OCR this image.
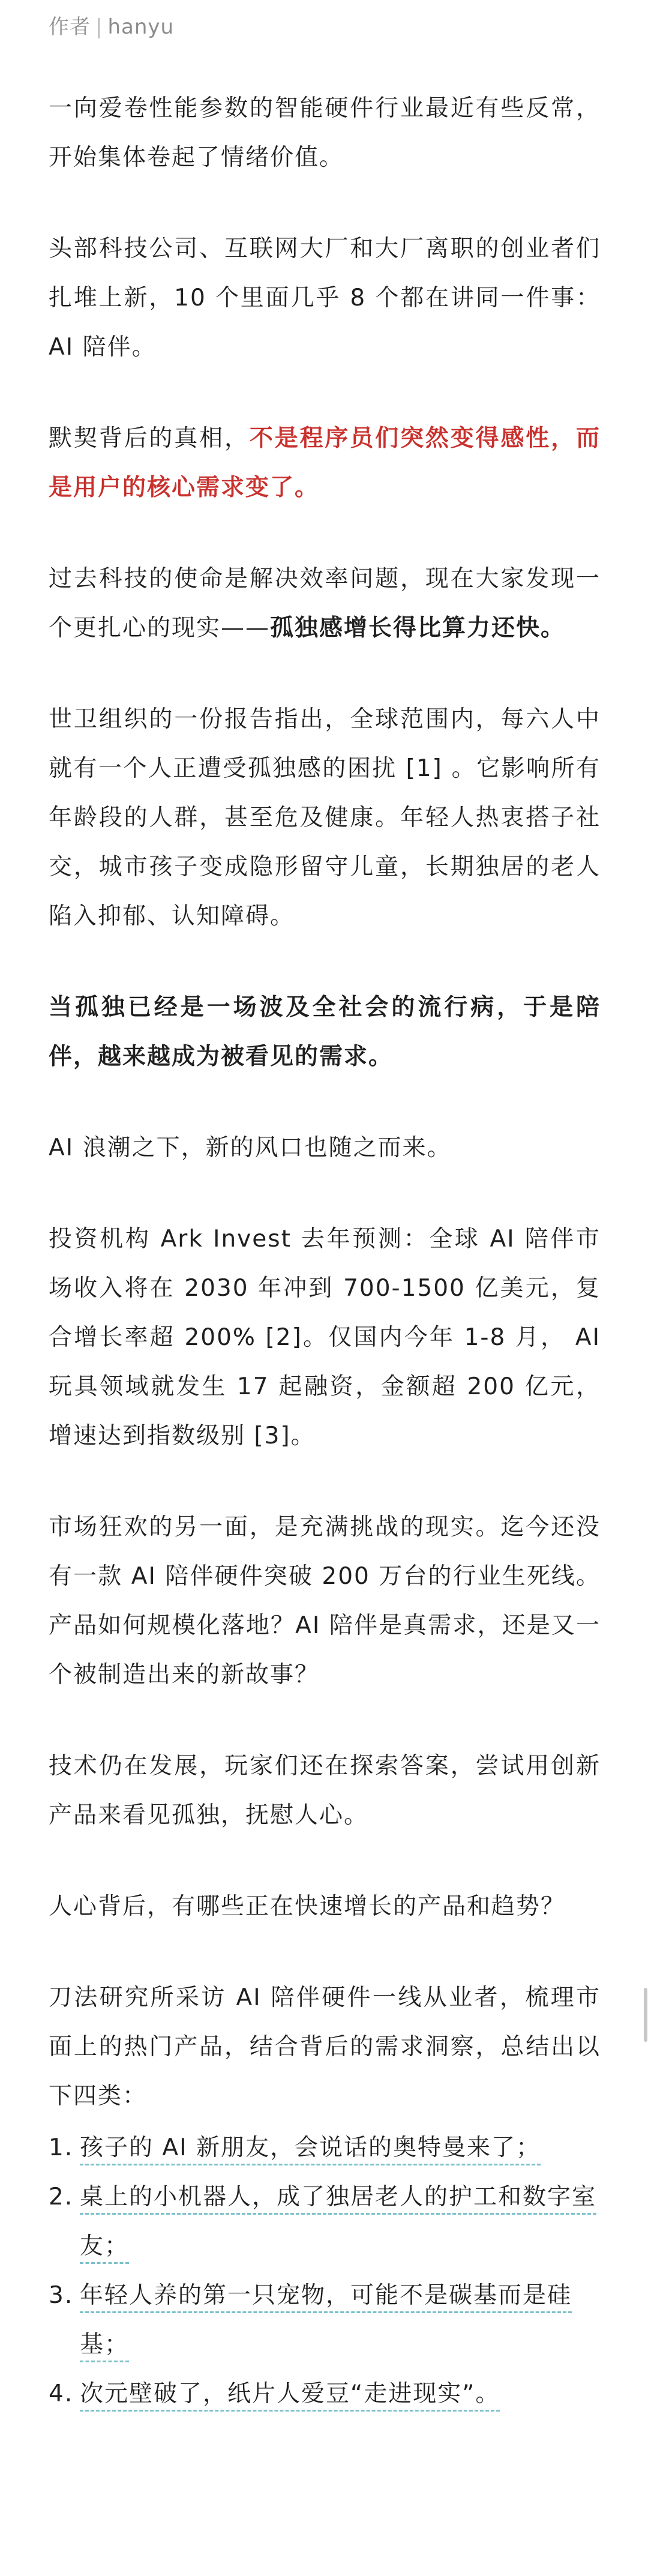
作者 | hanyu

一向爱卷性能参数的智能硬件行业最近有些反常，开始集体卷起了情绪价值。

头部科技公司、互联网大厂和大厂离职的创业者们扎堆上新，10 个里面几乎 8 个都在讲同一件事：AI 陪伴。

默契背后的真相，不是程序员们突然变得感性，而是用户的核心需求变了。

过去科技的使命是解决效率问题，现在大家发现一个更扎心的现实——孤独感增长得比算力还快。

世卫组织的一份报告指出，全球范围内，每六人中就有一个人正遭受孤独感的困扰 [1] 。它影响所有年龄段的人群，甚至危及健康。年轻人热衷搭子社交，城市孩子变成隐形留守儿童，长期独居的老人陷入抑郁、认知障碍。

当孤独已经是一场波及全社会的流行病，于是陪伴，越来越成为被看见的需求。

AI 浪潮之下，新的风口也随之而来。

投资机构 Ark Invest 去年预测：全球 AI 陪伴市场收入将在 2030 年冲到 700-1500 亿美元，复合增长率超 200% [2]。仅国内今年 1-8 月， AI 玩具领域就发生 17 起融资，金额超 200 亿元，增速达到指数级别 [3]。

市场狂欢的另一面，是充满挑战的现实。迄今还没有一款 AI 陪伴硬件突破 200 万台的行业生死线。产品如何规模化落地？AI 陪伴是真需求，还是又一个被制造出来的新故事？

技术仍在发展，玩家们还在探索答案，尝试用创新产品来看见孤独，抚慰人心。

人心背后，有哪些正在快速增长的产品和趋势？

刀法研究所采访 AI 陪伴硬件一线从业者，梳理市面上的热门产品，结合背后的需求洞察，总结出以下四类：

1. 孩子的 AI 新朋友，会说话的奥特曼来了；
2. 桌上的小机器人，成了独居老人的护工和数字室友；
3. 年轻人养的第一只宠物，可能不是碳基而是硅基；
4. 次元壁破了，纸片人爱豆“走进现实”。
